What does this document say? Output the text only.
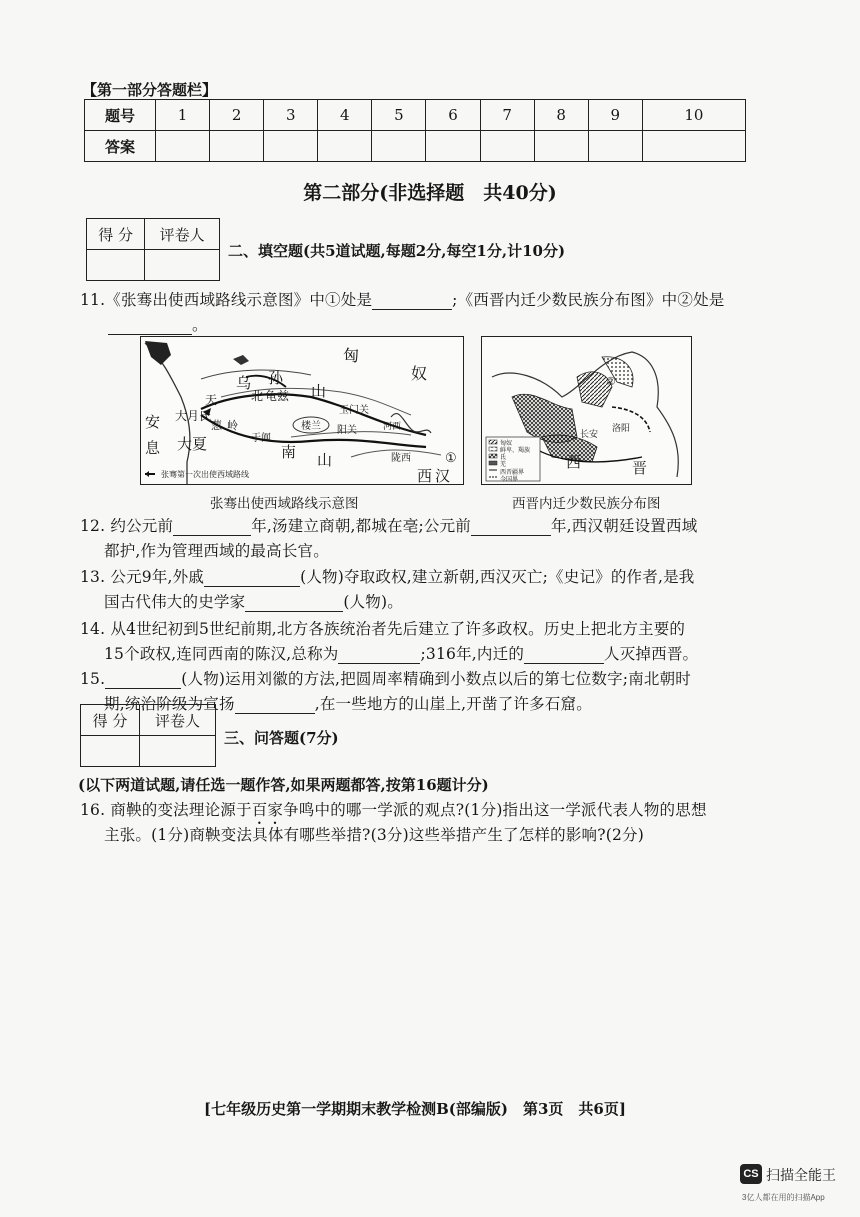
【第一部分答题栏】
题号	1	2	3	4	5	6	7	8	9	10
答案										
第二部分(非选择题　共40分)
得 分	评卷人

二、填空题(共5道试题,每题2分,每空1分,计10分)
11.《张骞出使西域路线示意图》中①处是	;《西晋内迁少数民族分布图》中②处是
。
乌 孙
北 龟兹
匈
奴
天	山
玉门关
楼兰
大月氏
葱 岭
于阗
阳关	河西
安
息 大夏	南 山	陇西
西 汉
①
张骞第一次出使西域路线
张骞出使西域路线示意图
匈奴
鲜卑、羯族
氐
羌
西晋疆界
今国界
西	晋
长安
洛阳
②
西晋内迁少数民族分布图
12. 约公元前	年,汤建立商朝,都城在亳;公元前	年,西汉朝廷设置西域
都护,作为管理西域的最高长官。
13. 公元9年,外戚	(人物)夺取政权,建立新朝,西汉灭亡;《史记》的作者,是我
国古代伟大的史学家	(人物)。
14. 从4世纪初到5世纪前期,北方各族统治者先后建立了许多政权。历史上把北方主要的
15个政权,连同西南的陈汉,总称为	;316年,内迁的	人灭掉西晋。
15.	(人物)运用刘徽的方法,把圆周率精确到小数点以后的第七位数字;南北朝时
期,统治阶级为宣扬	,在一些地方的山崖上,开凿了许多石窟。
得 分	评卷人

三、问答题(7分)
(以下两道试题,请任选一题作答,如果两题都答,按第16题计分)
16. 商鞅的变法理论源于百家争鸣中的哪一学派的观点?(1分)指出这一学派代表人物的思想
主张。(1分)商鞅变法具体有哪些举措?(3分)这些举措产生了怎样的影响?(2分)
[七年级历史第一学期期末教学检测B(部编版)　第3页　共6页]
CS 扫描全能王
3亿人都在用的扫描App
